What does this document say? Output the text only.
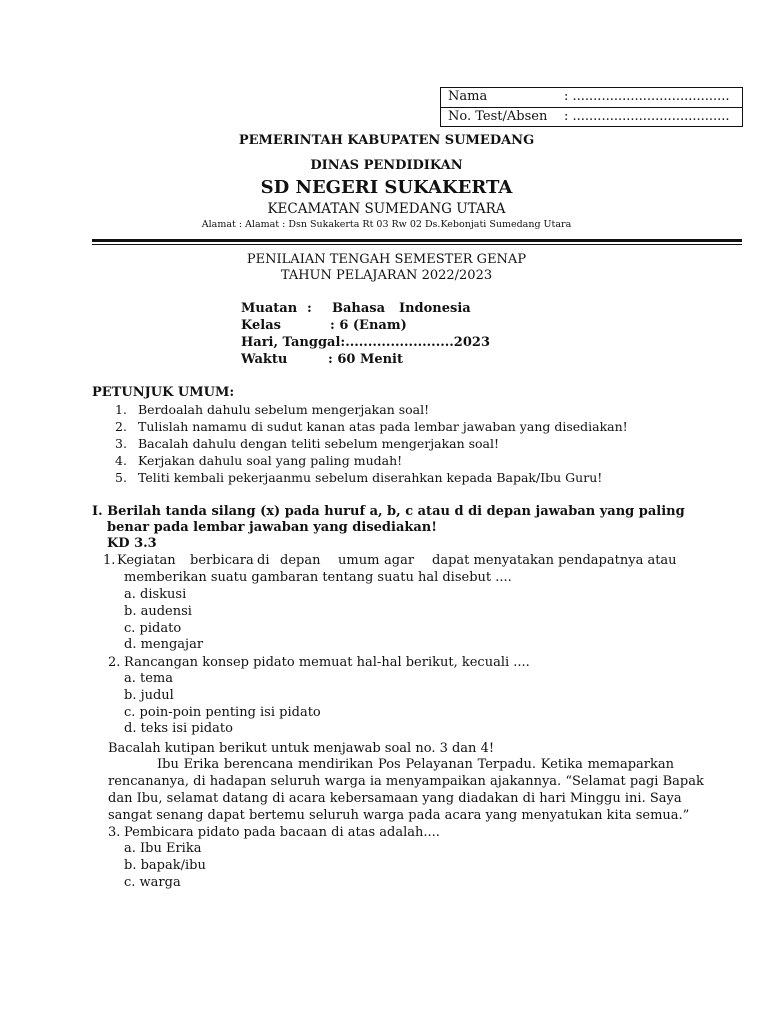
Nama	: ......................................
No. Test/Absen : ......................................
PEMERINTAH KABUPATEN SUMEDANG
DINAS PENDIDIKAN
SD NEGERI SUKAKERTA
KECAMATAN SUMEDANG UTARA
Alamat : Alamat : Dsn Sukakerta Rt 03 Rw 02 Ds.Kebonjati Sumedang Utara
PENILAIAN TENGAH SEMESTER GENAP
TAHUN PELAJARAN 2022/2023
Muatan : Bahasa Indonesia
Kelas	: 6 (Enam)
Hari, Tanggal:........................2023
Waktu	: 60 Menit
PETUNJUK UMUM:
1. Berdoalah dahulu sebelum mengerjakan soal!
2. Tulislah namamu di sudut kanan atas pada lembar jawaban yang disediakan!
3. Bacalah dahulu dengan teliti sebelum mengerjakan soal!
4. Kerjakan dahulu soal yang paling mudah!
5. Teliti kembali pekerjaanmu sebelum diserahkan kepada Bapak/Ibu Guru!
I. Berilah tanda silang (x) pada huruf a, b, c atau d di depan jawaban yang paling
benar pada lembar jawaban yang disediakan!
KD 3.3
1. Kegiatan berbicara di depan umum agar dapat menyatakan pendapatnya atau
memberikan suatu gambaran tentang suatu hal disebut ....
a. diskusi
b. audensi
c. pidato
d. mengajar
2. Rancangan konsep pidato memuat hal-hal berikut, kecuali ....
a. tema
b. judul
c. poin-poin penting isi pidato
d. teks isi pidato
Bacalah kutipan berikut untuk menjawab soal no. 3 dan 4!
Ibu Erika berencana mendirikan Pos Pelayanan Terpadu. Ketika memaparkan
rencananya, di hadapan seluruh warga ia menyampaikan ajakannya. “Selamat pagi Bapak
dan Ibu, selamat datang di acara kebersamaan yang diadakan di hari Minggu ini. Saya
sangat senang dapat bertemu seluruh warga pada acara yang menyatukan kita semua.”
3. Pembicara pidato pada bacaan di atas adalah....
a. Ibu Erika
b. bapak/ibu
c. warga
